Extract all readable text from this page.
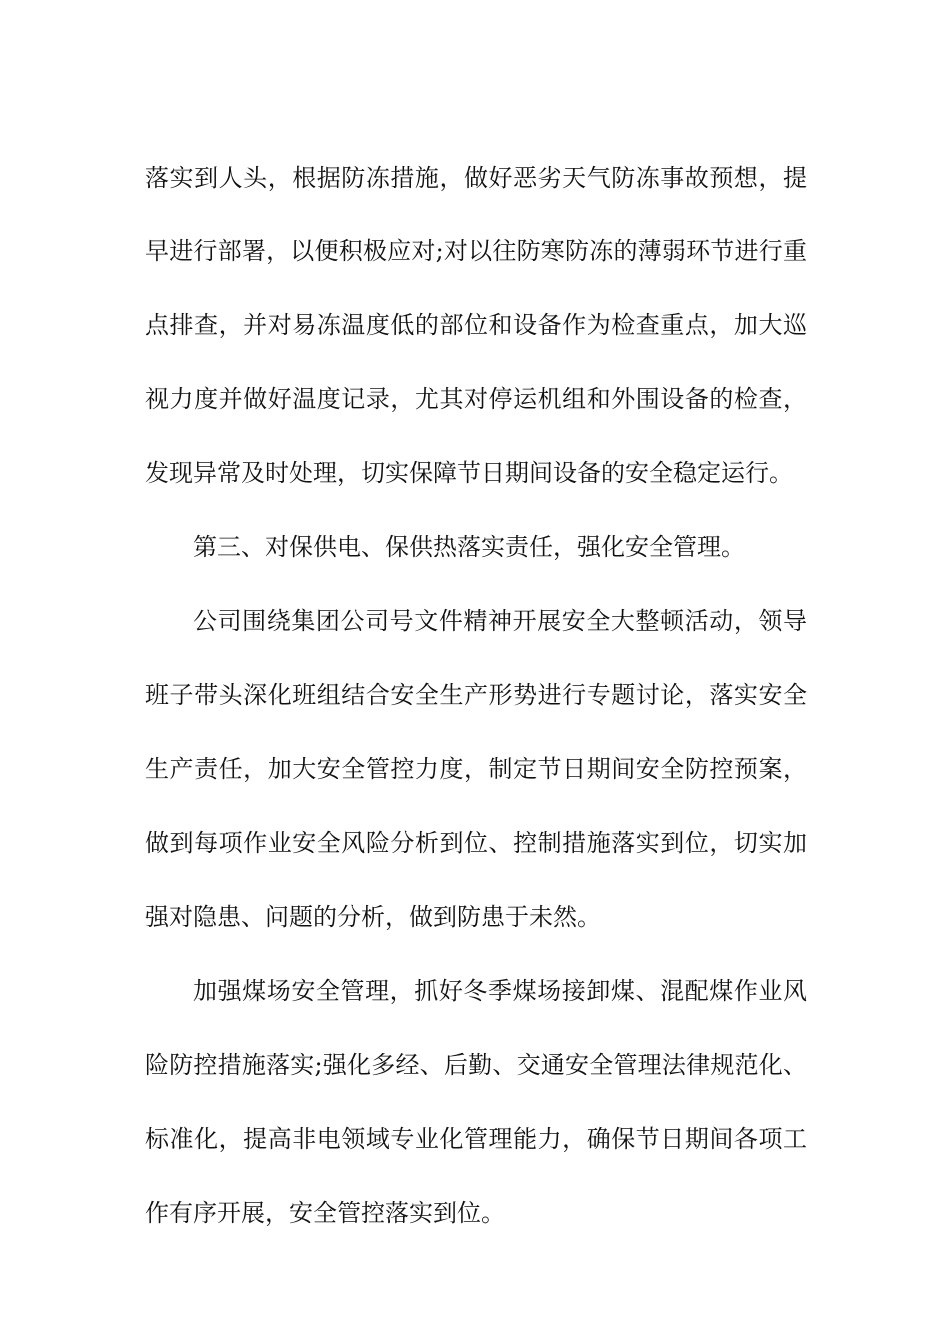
落实到人头，根据防冻措施，做好恶劣天气防冻事故预想，提

早进行部署，以便积极应对;对以往防寒防冻的薄弱环节进行重

点排查，并对易冻温度低的部位和设备作为检查重点，加大巡

视力度并做好温度记录，尤其对停运机组和外围设备的检查，

发现异常及时处理，切实保障节日期间设备的安全稳定运行。

第三、对保供电、保供热落实责任，强化安全管理。

公司围绕集团公司号文件精神开展安全大整顿活动，领导

班子带头深化班组结合安全生产形势进行专题讨论，落实安全

生产责任，加大安全管控力度，制定节日期间安全防控预案，

做到每项作业安全风险分析到位、控制措施落实到位，切实加

强对隐患、问题的分析，做到防患于未然。

加强煤场安全管理，抓好冬季煤场接卸煤、混配煤作业风

险防控措施落实;强化多经、后勤、交通安全管理法律规范化、

标准化，提高非电领域专业化管理能力，确保节日期间各项工

作有序开展，安全管控落实到位。
